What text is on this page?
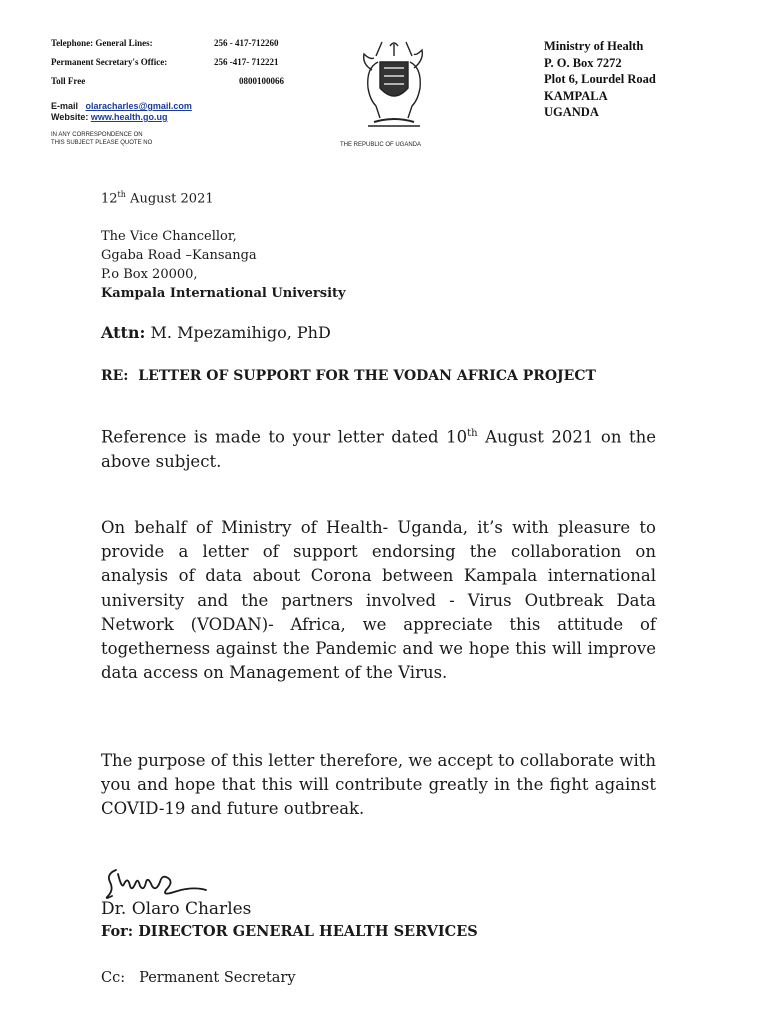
Telephone: General Lines:	256 - 417-712260
Permanent Secretary's Office:	256 -417- 712221
Toll Free	0800100066
E-mail olaracharles@gmail.com
Website: www.health.go.ug
IN ANY CORRESPONDENCE ON
THIS SUBJECT PLEASE QUOTE NO	THE REPUBLIC OF UGANDA
Ministry of Health
P. O. Box 7272
Plot 6, Lourdel Road
KAMPALA
UGANDA
12th August 2021
The Vice Chancellor,
Ggaba Road –Kansanga
P.o Box 20000,
Kampala International University
Attn: M. Mpezamihigo, PhD
RE:  LETTER OF SUPPORT FOR THE VODAN AFRICA PROJECT
Reference is made to your letter dated 10th August 2021 on the above subject.
On behalf of Ministry of Health- Uganda, it’s with pleasure to provide a letter of support endorsing the collaboration on analysis of data about Corona between Kampala international university and the partners involved - Virus Outbreak Data Network (VODAN)- Africa, we appreciate this attitude of togetherness against the Pandemic and we hope this will improve data access on Management of the Virus.
The purpose of this letter therefore, we accept to collaborate with you and hope that this will contribute greatly in the fight against COVID-19 and future outbreak.
Dr. Olaro Charles
For: DIRECTOR GENERAL HEALTH SERVICES
Cc: Permanent Secretary
